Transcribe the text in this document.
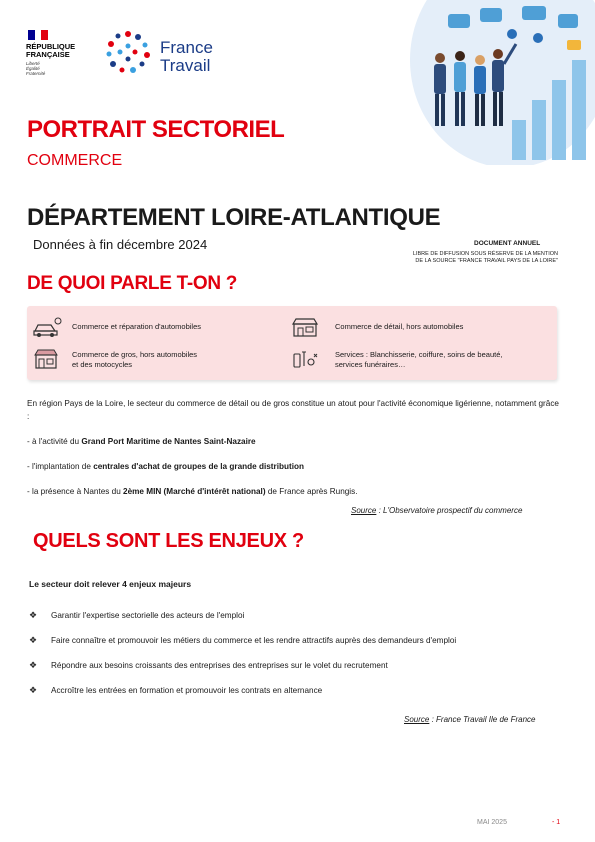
RÉPUBLIQUE
FRANÇAISE
Liberté
Égalité
Fraternité
France
Travail
PORTRAIT SECTORIEL
COMMERCE
DÉPARTEMENT LOIRE-ATLANTIQUE
Données à fin décembre 2024	DOCUMENT ANNUEL
LIBRE DE DIFFUSION SOUS RÉSERVE DE LA MENTION
DE LA SOURCE "FRANCE TRAVAIL PAYS DE LA LOIRE"
DE QUOI PARLE T-ON ?
Commerce et réparation d'automobiles	Commerce de détail, hors automobiles
Commerce de gros, hors automobiles
et des motocycles
Services : Blanchisserie, coiffure, soins de beauté,
services funéraires…
En région Pays de la Loire, le secteur du commerce de détail ou de gros constitue un atout pour l'activité économique ligérienne, notamment grâce :
- à l'activité du Grand Port Maritime de Nantes Saint-Nazaire
- l'implantation de centrales d'achat de groupes de la grande distribution
- la présence à Nantes du 2ème MIN (Marché d'intérêt national) de France après Rungis.
Source : L'Observatoire prospectif du commerce
QUELS SONT LES ENJEUX ?
Le secteur doit relever 4 enjeux majeurs
❖ Garantir l'expertise sectorielle des acteurs de l'emploi
❖ Faire connaître et promouvoir les métiers du commerce et les rendre attractifs auprès des demandeurs d'emploi
❖ Répondre aux besoins croissants des entreprises des entreprises sur le volet du recrutement
❖ Accroître les entrées en formation et promouvoir les contrats en alternance
Source : France Travail Ile de France
MAI 2025	- 1
